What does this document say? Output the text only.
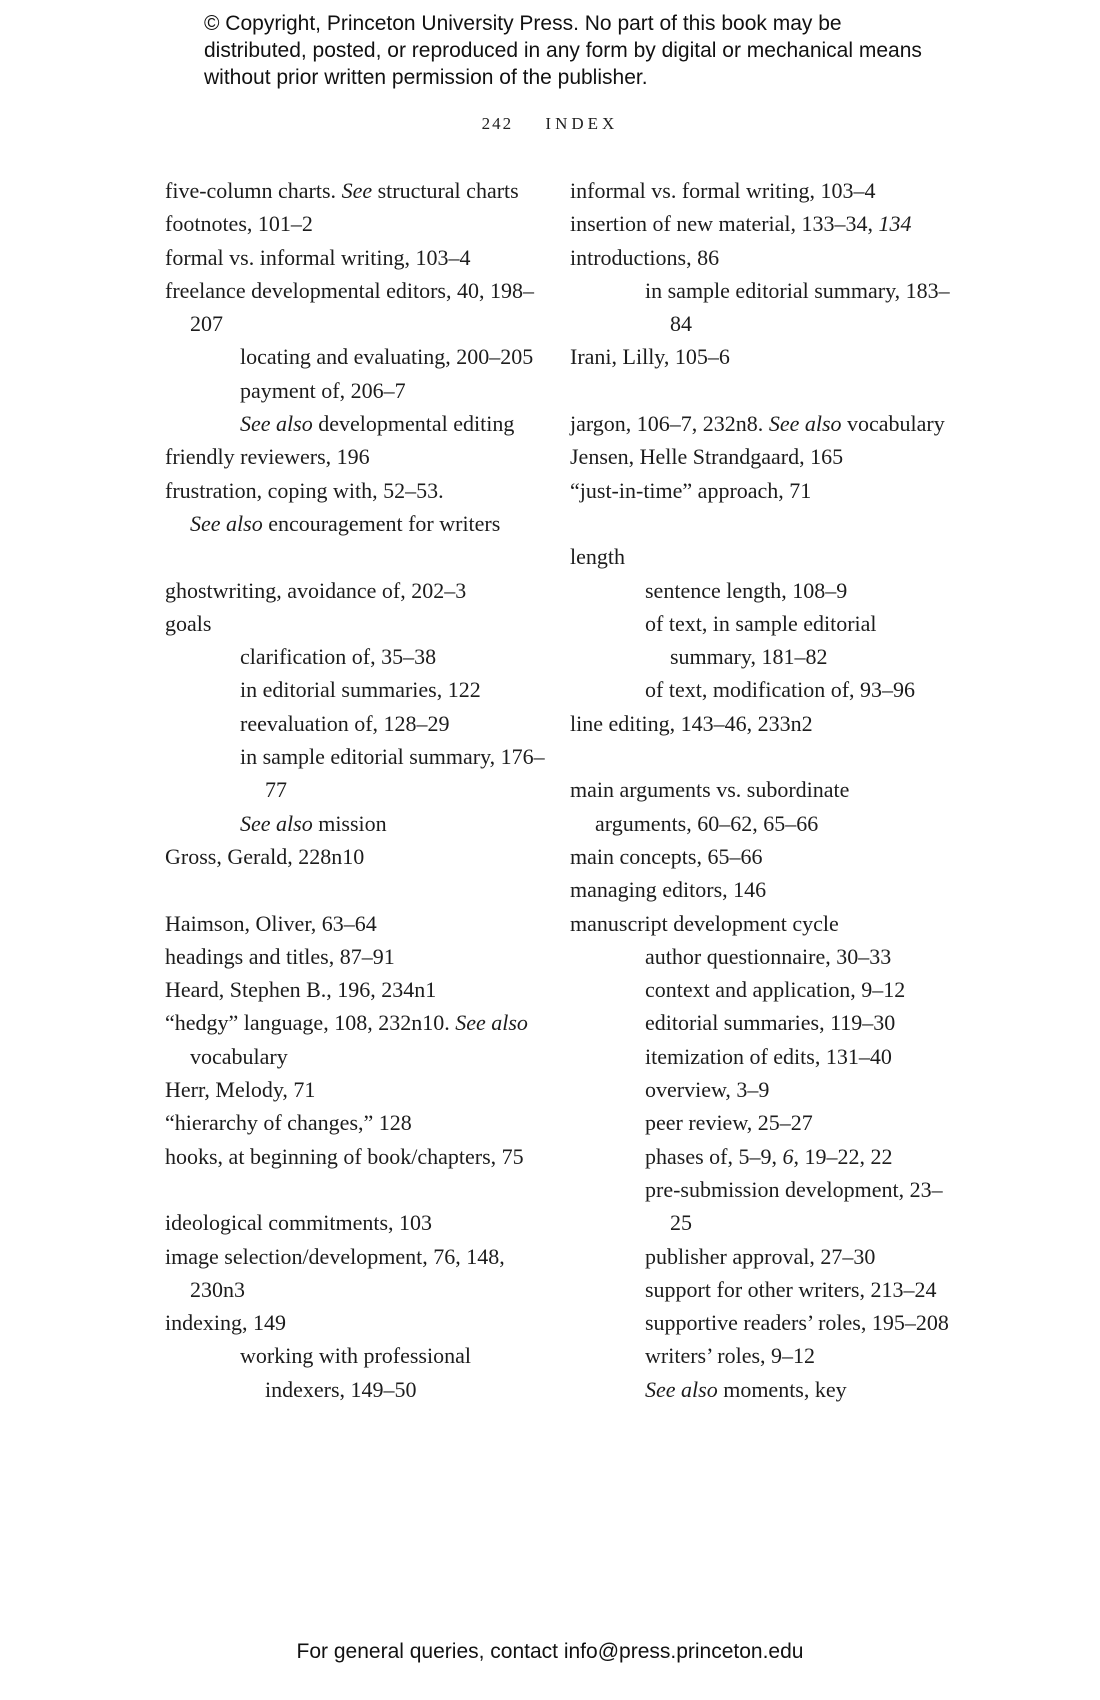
© Copyright, Princeton University Press. No part of this book may be distributed, posted, or reproduced in any form by digital or mechanical means without prior written permission of the publisher.
242 INDEX
five-column charts. See structural charts
footnotes, 101–2
formal vs. informal writing, 103–4
freelance developmental editors, 40, 198–207
locating and evaluating, 200–205
payment of, 206–7
See also developmental editing
friendly reviewers, 196
frustration, coping with, 52–53.
See also encouragement for writers
ghostwriting, avoidance of, 202–3
goals
clarification of, 35–38
in editorial summaries, 122
reevaluation of, 128–29
in sample editorial summary, 176–77
See also mission
Gross, Gerald, 228n10
Haimson, Oliver, 63–64
headings and titles, 87–91
Heard, Stephen B., 196, 234n1
“hedgy” language, 108, 232n10. See also vocabulary
Herr, Melody, 71
“hierarchy of changes,” 128
hooks, at beginning of book/chapters, 75
ideological commitments, 103
image selection/development, 76, 148, 230n3
indexing, 149
working with professional indexers, 149–50
informal vs. formal writing, 103–4
insertion of new material, 133–34, 134
introductions, 86
in sample editorial summary, 183–84
Irani, Lilly, 105–6
jargon, 106–7, 232n8. See also vocabulary
Jensen, Helle Strandgaard, 165
“just-in-time” approach, 71
length
sentence length, 108–9
of text, in sample editorial summary, 181–82
of text, modification of, 93–96
line editing, 143–46, 233n2
main arguments vs. subordinate arguments, 60–62, 65–66
main concepts, 65–66
managing editors, 146
manuscript development cycle
author questionnaire, 30–33
context and application, 9–12
editorial summaries, 119–30
itemization of edits, 131–40
overview, 3–9
peer review, 25–27
phases of, 5–9, 6, 19–22, 22
pre-submission development, 23–25
publisher approval, 27–30
support for other writers, 213–24
supportive readers’ roles, 195–208
writers’ roles, 9–12
See also moments, key
For general queries, contact info@press.princeton.edu
